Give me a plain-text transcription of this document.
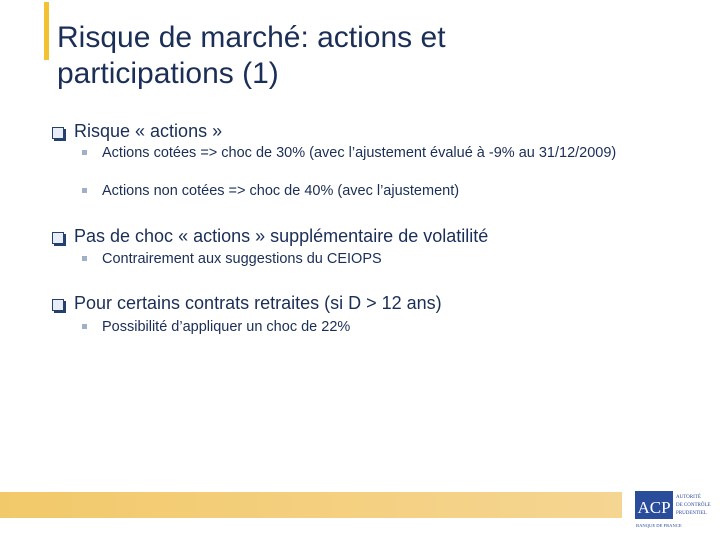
Risque de marché: actions et
participations (1)
Risque « actions »
Actions cotées => choc de 30% (avec l’ajustement évalué à -9% au 31/12/2009)
Actions non cotées => choc de 40% (avec l’ajustement)
Pas de choc « actions » supplémentaire de volatilité
Contrairement aux suggestions du CEIOPS
Pour certains contrats retraites (si D > 12 ans)
Possibilité d’appliquer un choc de 22%
ACP
AUTORITÉ
DE CONTRÔLE
PRUDENTIEL
BANQUE DE FRANCE
